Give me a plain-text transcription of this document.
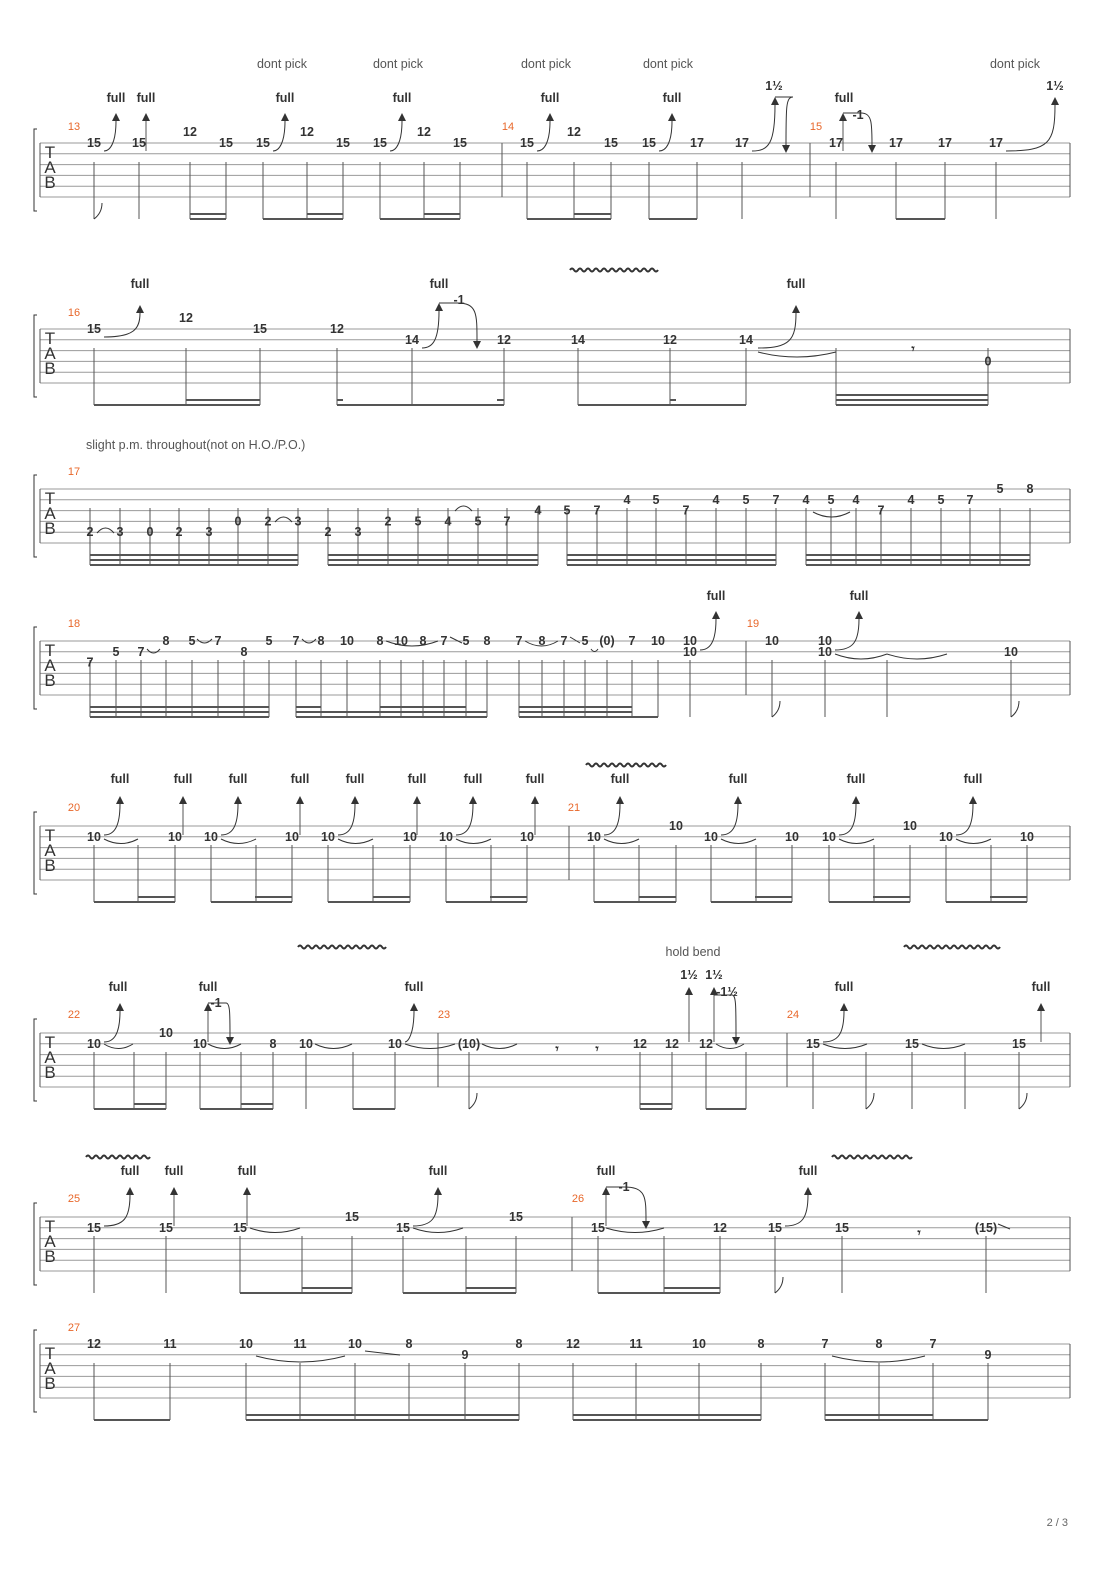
T
A
B
13	14	15
dont pick	dont pick	dont pick	dont pick	dont pick
15 15
12
15 15
12
15 15
12
15	15
12
15 15	17 17	17	17	17	17
full full	full	full	full	full
1½
full
-1
1½
T
A
B
16
15
12
15	12
14	12	14	12	14
0
full	full
-1
full
𝄾
T
A
B
slight p.m. throughout(not on H.O./P.O.)
17
2 3 0 2 3
0 2 3
2 3
2 5 4 5 7
4 5 7
4 5
7
4 5 7 4 5 4
7
4 5 7
5 8
T
A
B
18	19
7
5 7
8 5 7
8
5 7 8 10 8 10 8 7 5 8 7 8 7 5 (0) 7 10 10
10
10	10
10	10
full	full
T
A
B
20	21
10	10 10	10 10	10 10	10	10
10
10	10 10
10
10	10
full	full	full	full	full	full	full	full	full	full	full	full
T
A
B
22	23	24
hold bend
10
10
10	8 10	10	(10)	12 12 12	15	15	15
full	full	full
1½ 1½
full	full
-1
-1½
𝄾	𝄾
T
A
B
25	26
15	15	15
15
15
15
15	12	15	15	(15)
full full	full	full	full	full
-1
𝄾
T
A
B
27
12	11	10	11	10	8
9
8	12	11	10	8	7	8	7
9
2 / 3
